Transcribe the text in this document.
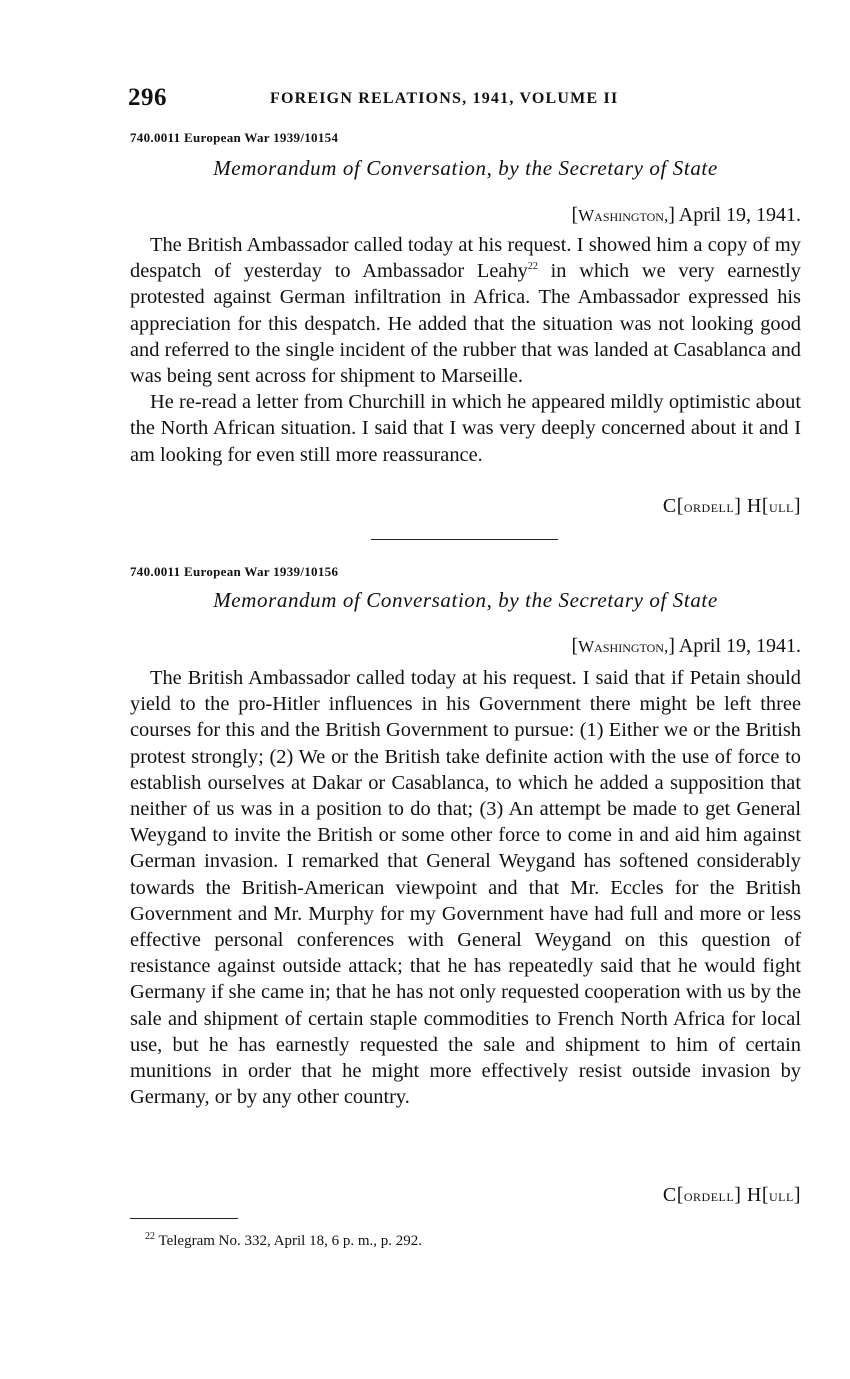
296	FOREIGN RELATIONS, 1941, VOLUME II
740.0011 European War 1939/10154
Memorandum of Conversation, by the Secretary of State
[Washington,] April 19, 1941.

The British Ambassador called today at his request. I showed him a copy of my despatch of yesterday to Ambassador Leahy$^{22}$ in which we very earnestly protested against German infiltration in Africa. The Ambassador expressed his appreciation for this despatch. He added that the situation was not looking good and referred to the single incident of the rubber that was landed at Casablanca and was being sent across for shipment to Marseille.

He re-read a letter from Churchill in which he appeared mildly optimistic about the North African situation. I said that I was very deeply concerned about it and I am looking for even still more reassurance.

C[ordell] H[ull]
740.0011 European War 1939/10156
Memorandum of Conversation, by the Secretary of State
[Washington,] April 19, 1941.

The British Ambassador called today at his request. I said that if Petain should yield to the pro-Hitler influences in his Government there might be left three courses for this and the British Government to pursue: (1) Either we or the British protest strongly; (2) We or the British take definite action with the use of force to establish ourselves at Dakar or Casablanca, to which he added a supposition that neither of us was in a position to do that; (3) An attempt be made to get General Weygand to invite the British or some other force to come in and aid him against German invasion. I remarked that General Weygand has softened considerably towards the British-American viewpoint and that Mr. Eccles for the British Government and Mr. Murphy for my Government have had full and more or less effective personal conferences with General Weygand on this question of resistance against outside attack; that he has repeatedly said that he would fight Germany if she came in; that he has not only requested cooperation with us by the sale and shipment of certain staple commodities to French North Africa for local use, but he has earnestly requested the sale and shipment to him of certain munitions in order that he might more effectively resist outside invasion by Germany, or by any other country.

C[ordell] H[ull]
$^{22}$ Telegram No. 332, April 18, 6 p. m., p. 292.
